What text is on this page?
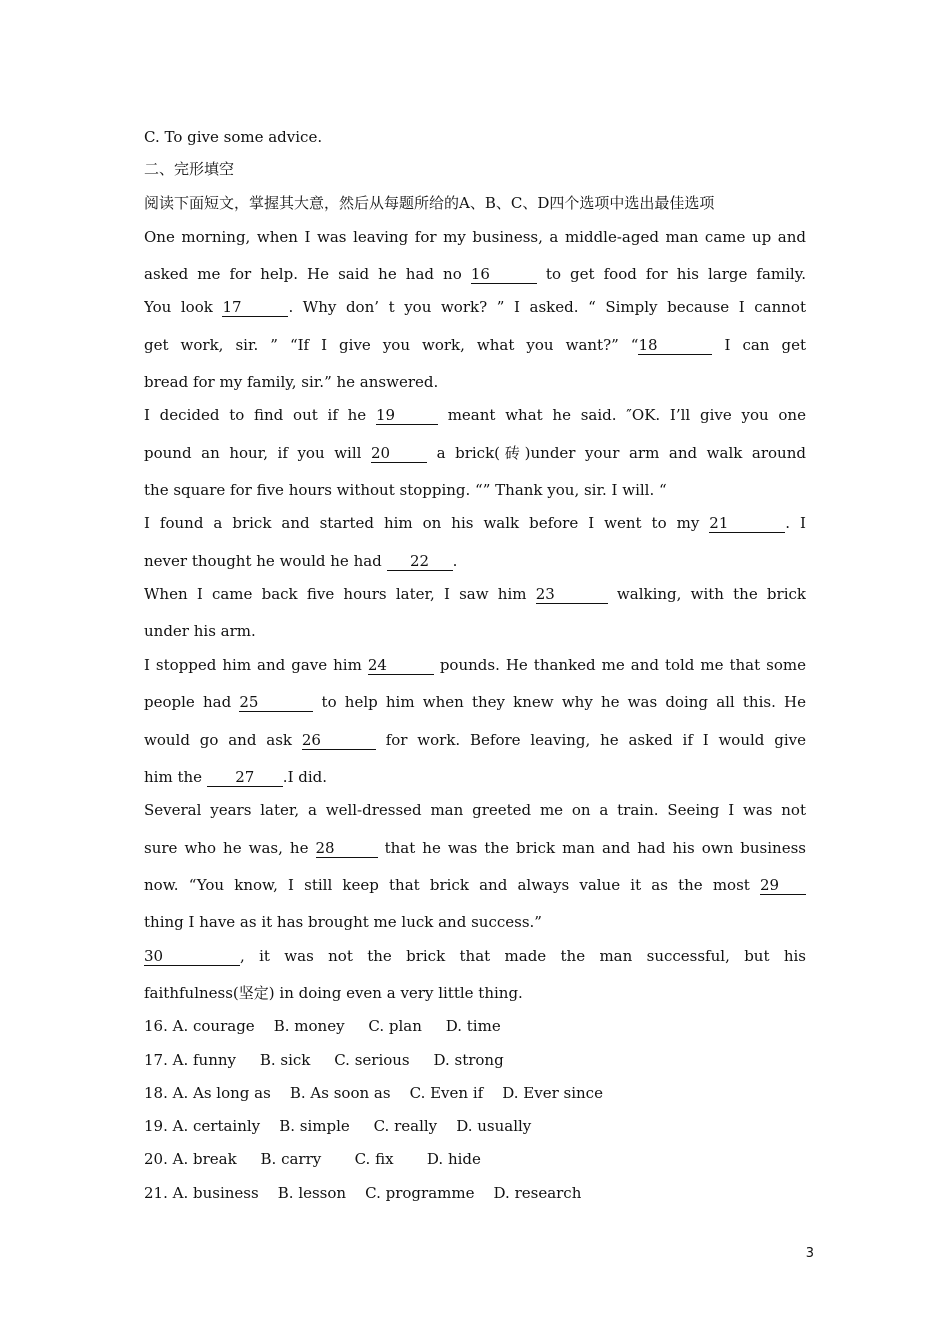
C. To give some advice.
二、完形填空
阅读下面短文，掌握其大意，然后从每题所给的A、B、C、D四个选项中选出最佳选项
One morning, when I was leaving for my business, a middle-aged man came up and
asked me for help. He said he had no 16	to get food for his large family.
You look 17	. Why don’ t you work? ” I asked. “ Simply because I cannot
get work, sir. ” “If I give you work, what you want?” “18	I can get
bread for my family, sir.” he answered.
I decided to find out if he 19	meant what he said. ″OK. I’ll give you one
pound an hour, if you will 20	a brick(砖)under your arm and walk around
the square for five hours without stopping. “” Thank you, sir. I will. “
I found a brick and started him on his walk before I went to my 21	. I
never thought he would he had 22 .
When I came back five hours later, I saw him 23	walking, with the brick
under his arm.
I stopped him and gave him 24	pounds. He thanked me and told me that some
people had 25	to help him when they knew why he was doing all this. He
would go and ask 26	for work. Before leaving, he asked if I would give
him the 27 .I did.
Several years later, a well-dressed man greeted me on a train. Seeing I was not
sure who he was, he 28	that he was the brick man and had his own business
now. “You know, I still keep that brick and always value it as the most 29
thing I have as it has brought me luck and success.”
30	, it was not the brick that made the man successful, but his
faithfulness(坚定) in doing even a very little thing.
16. A. courage    B. money     C. plan     D. time
17. A. funny     B. sick     C. serious     D. strong
18. A. As long as    B. As soon as    C. Even if    D. Ever since
19. A. certainly    B. simple     C. really    D. usually
20. A. break     B. carry       C. fix       D. hide
21. A. business    B. lesson    C. programme    D. research
3
